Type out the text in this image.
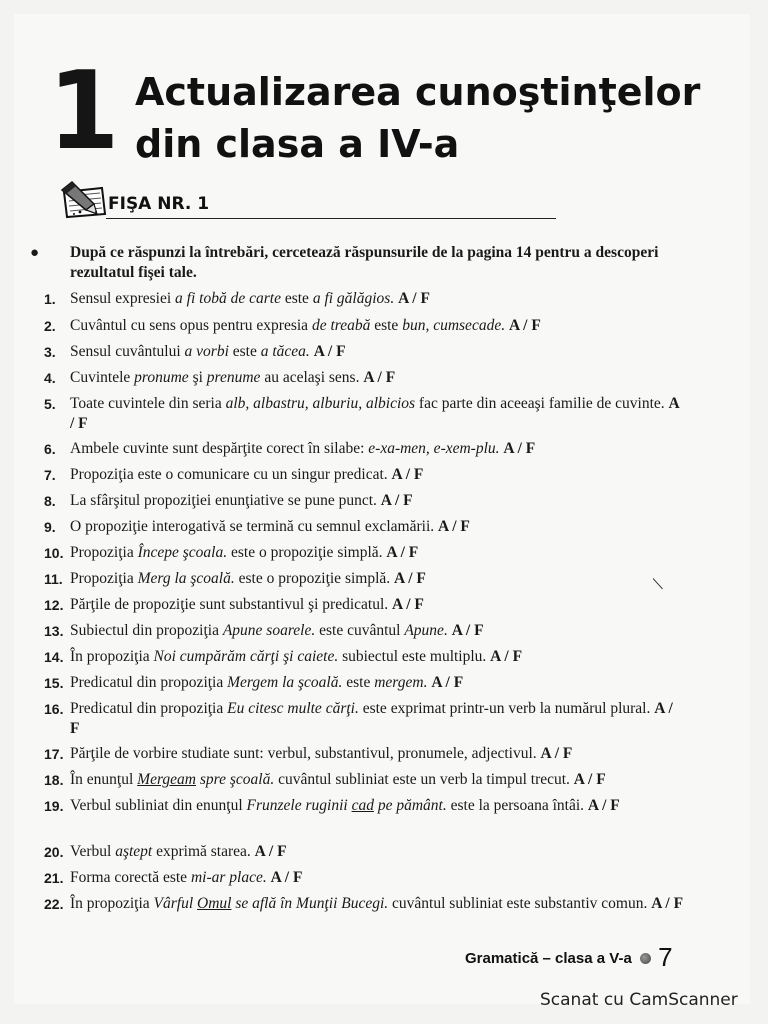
1 Actualizarea cunoştinţelor
din clasa a IV-a
FIŞA NR. 1
●	După ce răspunzi la întrebări, cercetează răspunsurile de la pagina 14 pentru a descoperi rezultatul fişei tale.
1. Sensul expresiei a fi tobă de carte este a fi gălăgios. A / F
2. Cuvântul cu sens opus pentru expresia de treabă este bun, cumsecade. A / F
3. Sensul cuvântului a vorbi este a tăcea. A / F
4. Cuvintele pronume şi prenume au acelaşi sens. A / F
5. Toate cuvintele din seria alb, albastru, alburiu, albicios fac parte din aceeaşi familie de cuvinte. A / F
6. Ambele cuvinte sunt despărţite corect în silabe: e-xa-men, e-xem-plu. A / F
7. Propoziţia este o comunicare cu un singur predicat. A / F
8. La sfârşitul propoziţiei enunţiative se pune punct. A / F
9. O propoziţie interogativă se termină cu semnul exclamării. A / F
10. Propoziţia Începe şcoala. este o propoziţie simplă. A / F
11. Propoziţia Merg la şcoală. este o propoziţie simplă. A / F
12. Părţile de propoziţie sunt substantivul şi predicatul. A / F
13. Subiectul din propoziţia Apune soarele. este cuvântul Apune. A / F
14. În propoziţia Noi cumpărăm cărţi şi caiete. subiectul este multiplu. A / F
15. Predicatul din propoziţia Mergem la şcoală. este mergem. A / F
16. Predicatul din propoziţia Eu citesc multe cărţi. este exprimat printr-un verb la numărul plural. A / F
17. Părţile de vorbire studiate sunt: verbul, substantivul, pronumele, adjectivul. A / F
18. În enunţul Mergeam spre şcoală. cuvântul subliniat este un verb la timpul trecut. A / F
19. Verbul subliniat din enunţul Frunzele ruginii cad pe pământ. este la persoana întâi. A / F
20. Verbul aştept exprimă starea. A / F
21. Forma corectă este mi-ar place. A / F
22. În propoziţia Vârful Omul se află în Munţii Bucegi. cuvântul subliniat este substantiv comun. A / F
Gramatică – clasa a V-a 7
Scanat cu CamScanner
